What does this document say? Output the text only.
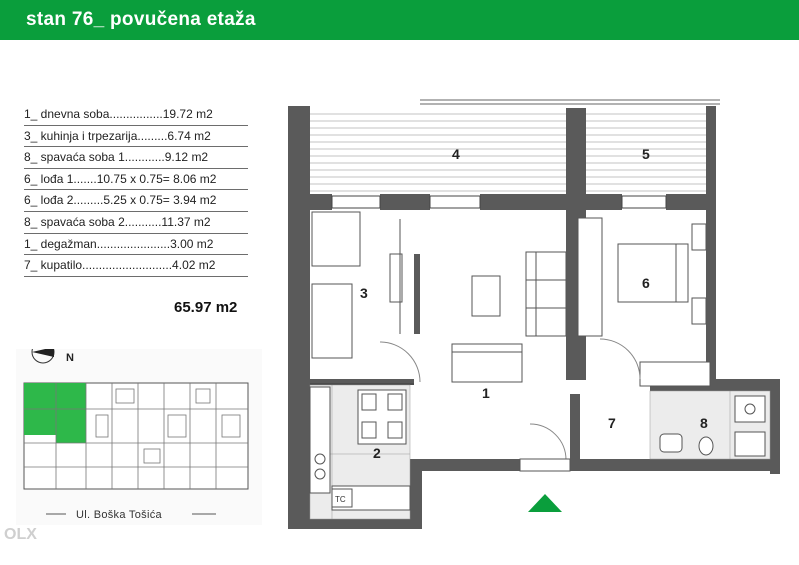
stan 76_ povučena etaža
1_ dnevna soba................19.72 m2
3_ kuhinja i trpezarija.........6.74 m2
8_ spavaća soba 1............9.12 m2
6_ lođa 1.......10.75 x 0.75= 8.06 m2
6_ lođa 2.........5.25 x 0.75= 3.94 m2
8_ spavaća soba 2...........11.37 m2
1_ degažman......................3.00 m2
7_ kupatilo...........................4.02 m2
65.97 m2
N
Ul. Boška Tošića
TC
1
2
3
4	5
6
7	8
OLX
